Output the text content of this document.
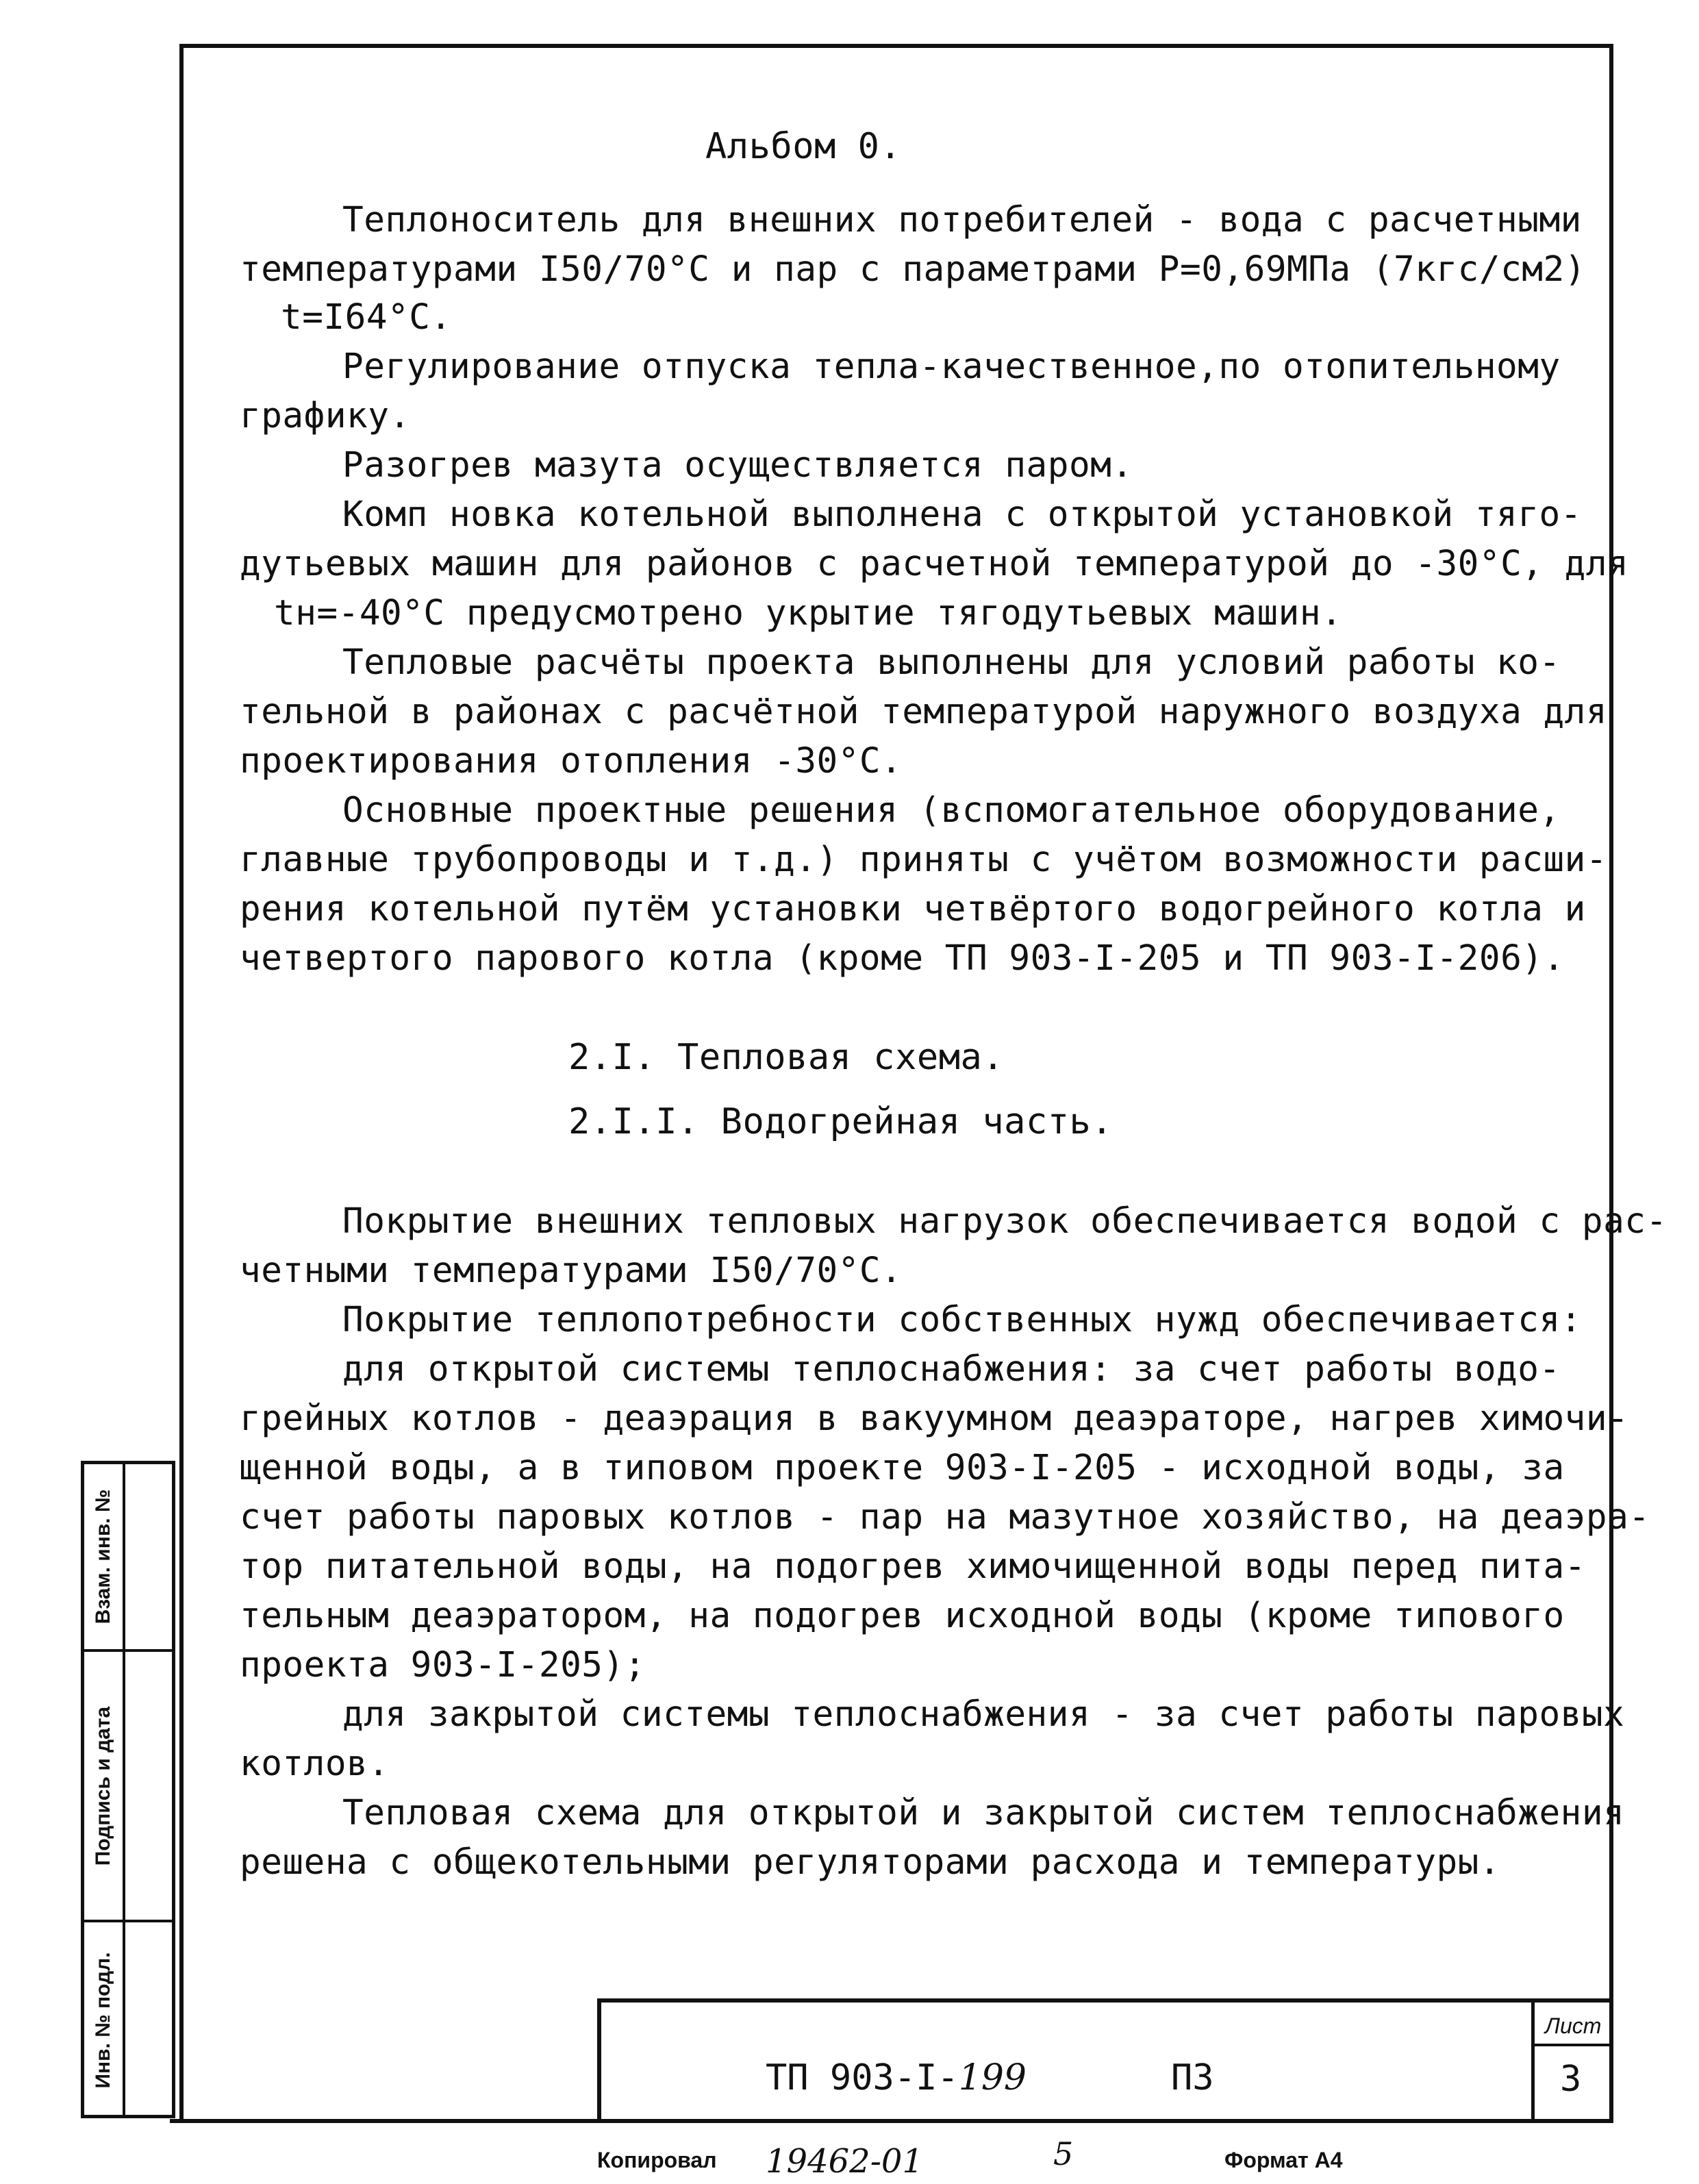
Альбом 0.
Теплоноситель для внешних потребителей - вода с расчетными
температурами I50/70°С и пар с параметрами Р=0,69МПа (7кгс/см2)
t=I64°С.
Регулирование отпуска тепла-качественное,по отопительному
графику.
Разогрев мазута осуществляется паром.
Комп новка котельной выполнена с открытой установкой тяго-
дутьевых машин для районов с расчетной температурой до -30°С, для
tн=-40°С предусмотрено укрытие тягодутьевых машин.
Тепловые расчёты проекта выполнены для условий работы ко-
тельной в районах с расчётной температурой наружного воздуха для
проектирования отопления -30°С.
Основные проектные решения (вспомогательное оборудование,
главные трубопроводы и т.д.) приняты с учётом возможности расши-
рения котельной путём установки четвёртого водогрейного котла и
четвертого парового котла (кроме ТП 903-I-205 и ТП 903-I-206).
2.I. Тепловая схема.
2.I.I. Водогрейная часть.
Покрытие внешних тепловых нагрузок обеспечивается водой с рас-
четными температурами I50/70°С.
Покрытие теплопотребности собственных нужд обеспечивается:
для открытой системы теплоснабжения: за счет работы водо-
грейных котлов - деаэрация в вакуумном деаэраторе, нагрев химочи-
щенной воды, а в типовом проекте 903-I-205 - исходной воды, за
счет работы паровых котлов - пар на мазутное хозяйство, на деаэра-
тор питательной воды, на подогрев химочищенной воды перед пита-
тельным деаэратором, на подогрев исходной воды (кроме типового
проекта 903-I-205);
для закрытой системы теплоснабжения - за счет работы паровых
котлов.
Тепловая схема для открытой и закрытой систем теплоснабжения
решена с общекотельными регуляторами расхода и температуры.
Взам. инв. №
Подпись и дата
Инв. № подл.	ТП 903-I-199	ПЗ
Лист
3
Копировал 19462-01	5	Формат А4
